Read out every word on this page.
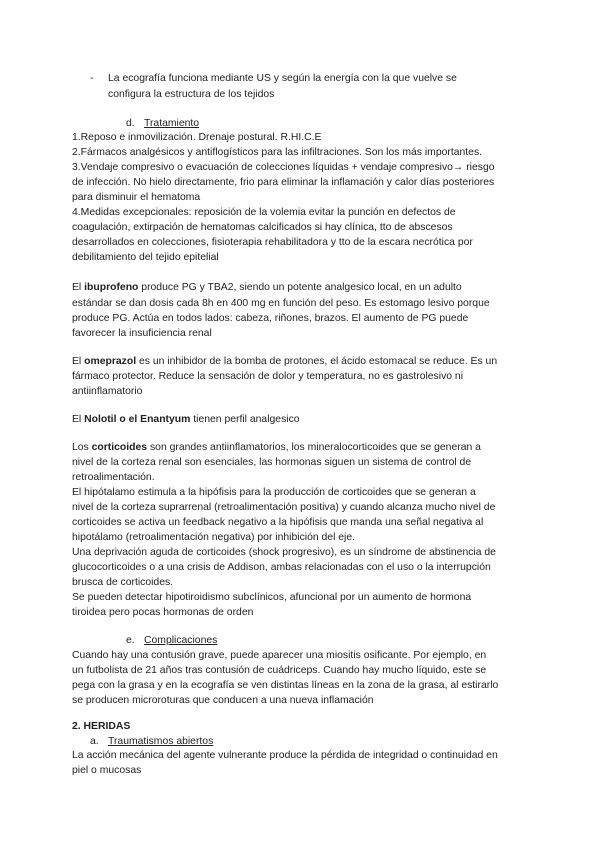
- La ecografía funciona mediante US y según la energía con la que vuelve se

configura la estructura de los tejidos

d. Tratamiento

1.Reposo e inmovilización. Drenaje postural. R.HI.C.E

2.Fármacos analgésicos y antiflogísticos para las infiltraciones. Son los más importantes.

3.Vendaje compresivo o evacuación de colecciones líquidas + vendaje compresivo→ riesgo

de infección. No hielo directamente, frio para eliminar la inflamación y calor días posteriores

para disminuir el hematoma

4.Medidas excepcionales: reposición de la volemia evitar la punción en defectos de

coagulación, extirpación de hematomas calcificados si hay clínica, tto de abscesos

desarrollados en colecciones, fisioterapia rehabilitadora y tto de la escara necrótica por

debilitamiento del tejido epitelial

El ibuprofeno produce PG y TBA2, siendo un potente analgesico local, en un adulto

estándar se dan dosis cada 8h en 400 mg en función del peso. Es estomago lesivo porque

produce PG. Actúa en todos lados: cabeza, riñones, brazos. El aumento de PG puede

favorecer la insuficiencia renal

El omeprazol es un inhibidor de la bomba de protones, el ácido estomacal se reduce. Es un

fármaco protector. Reduce la sensación de dolor y temperatura, no es gastrolesivo ni

antiinflamatorio

El Nolotil o el Enantyum tienen perfil analgesico

Los corticoides son grandes antiinflamatorios, los mineralocorticoides que se generan a

nivel de la corteza renal son esenciales, las hormonas siguen un sistema de control de

retroalimentación.

El hipótalamo estimula a la hipófisis para la producción de corticoides que se generan a

nivel de la corteza suprarrenal (retroalimentación positiva) y cuando alcanza mucho nivel de

corticoides se activa un feedback negativo a la hipófisis que manda una señal negativa al

hipotálamo (retroalimentación negativa) por inhibición del eje.

Una deprivación aguda de corticoides (shock progresivo), es un síndrome de abstinencia de

glucocorticoides o a una crisis de Addison, ambas relacionadas con el uso o la interrupción

brusca de corticoides.

Se pueden detectar hipotiroidismo subclínicos, afuncional por un aumento de hormona

tiroidea pero pocas hormonas de orden

e. Complicaciones

Cuando hay una contusión grave, puede aparecer una miositis osificante. Por ejemplo, en

un futbolista de 21 años tras contusión de cuádriceps. Cuando hay mucho líquido, este se

pega con la grasa y en la ecografía se ven distintas líneas en la zona de la grasa, al estirarlo

se producen microroturas que conducen a una nueva inflamación

2. HERIDAS

a. Traumatismos abiertos

La acción mecánica del agente vulnerante produce la pérdida de integridad o continuidad en

piel o mucosas
